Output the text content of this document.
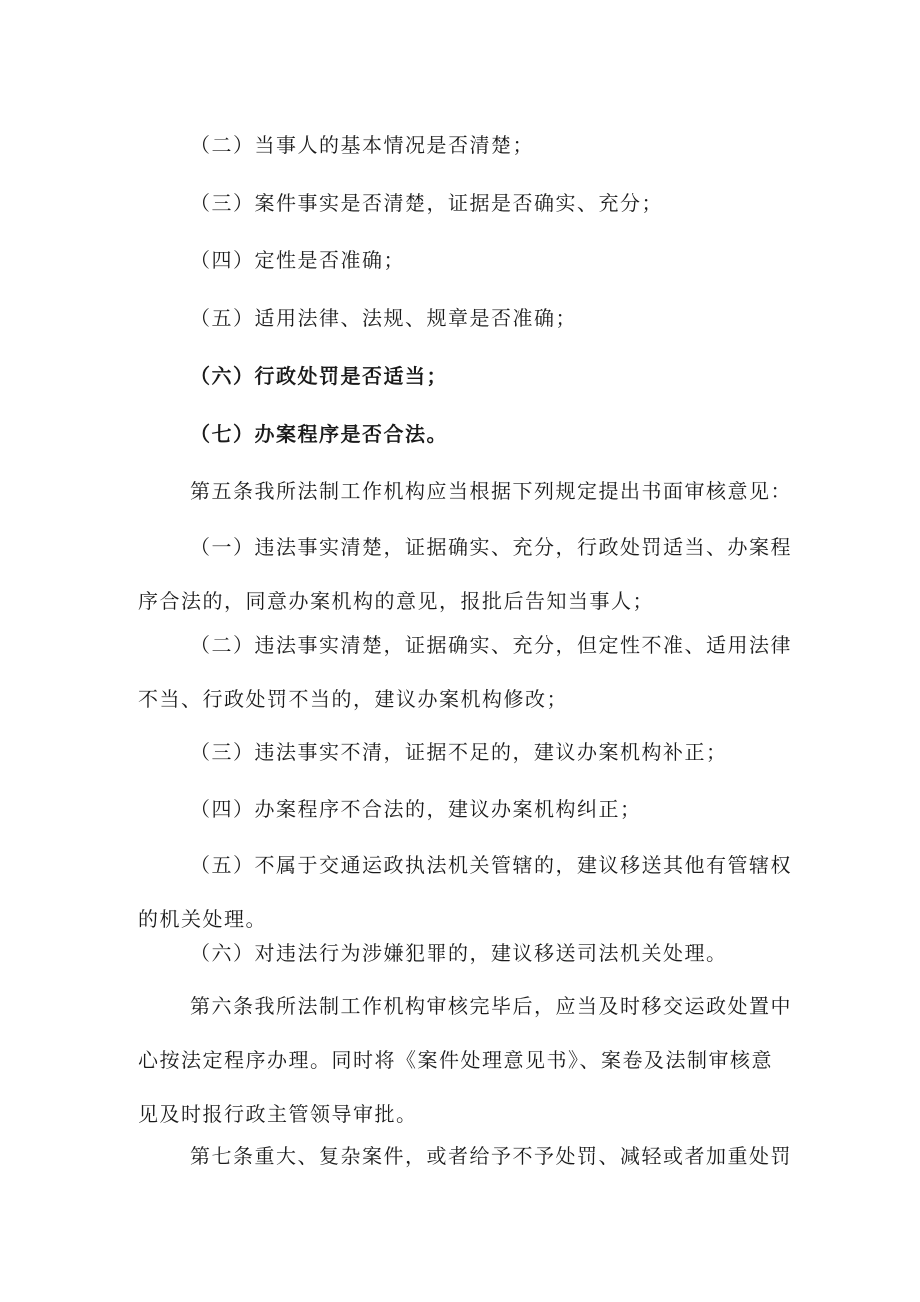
（二）当事人的基本情况是否清楚；
（三）案件事实是否清楚，证据是否确实、充分；
（四）定性是否准确；
（五）适用法律、法规、规章是否准确；
（六）行政处罚是否适当；
（七）办案程序是否合法。
第五条我所法制工作机构应当根据下列规定提出书面审核意见：
（一）违法事实清楚，证据确实、充分，行政处罚适当、办案程
序合法的，同意办案机构的意见，报批后告知当事人；
（二）违法事实清楚，证据确实、充分，但定性不准、适用法律
不当、行政处罚不当的，建议办案机构修改；
（三）违法事实不清，证据不足的，建议办案机构补正；
（四）办案程序不合法的，建议办案机构纠正；
（五）不属于交通运政执法机关管辖的，建议移送其他有管辖权
的机关处理。
（六）对违法行为涉嫌犯罪的，建议移送司法机关处理。
第六条我所法制工作机构审核完毕后，应当及时移交运政处置中
心按法定程序办理。同时将《案件处理意见书》、案卷及法制审核意
见及时报行政主管领导审批。
第七条重大、复杂案件，或者给予不予处罚、减轻或者加重处罚
